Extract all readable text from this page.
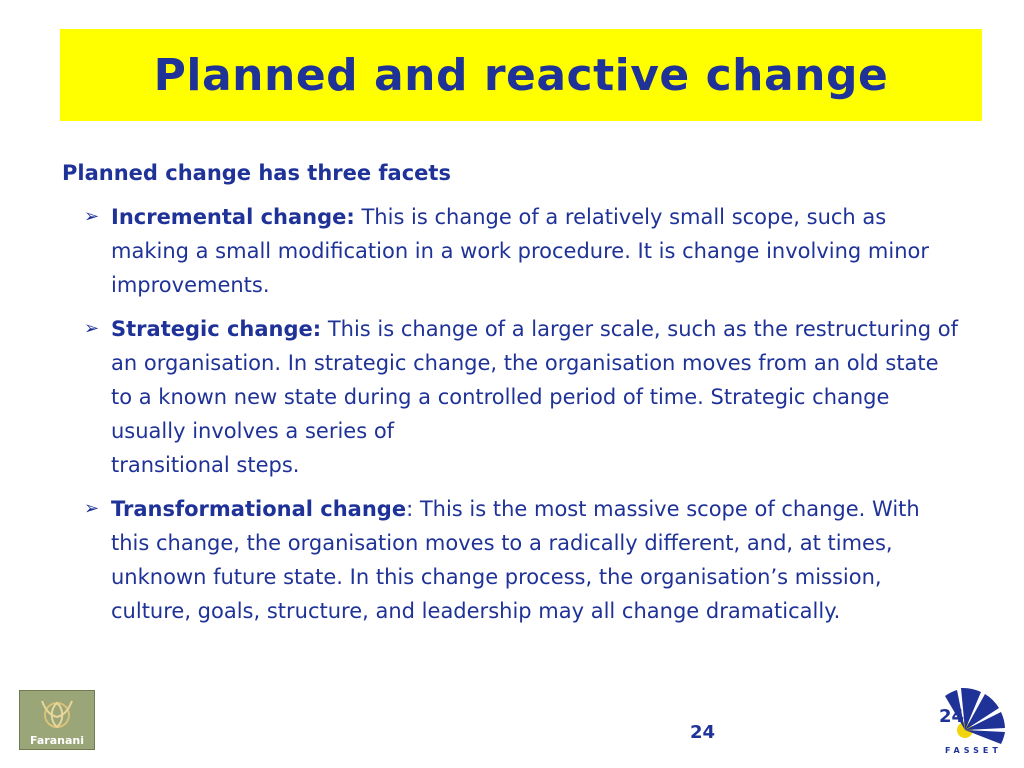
Planned and reactive change
Planned change has three facets
➢ Incremental change: This is change of a relatively small scope, such as making a small modification in a work procedure. It is change involving minor improvements.
➢ Strategic change: This is change of a larger scale, such as the restructuring of an organisation. In strategic change, the organisation moves from an old state to a known new state during a controlled period of time. Strategic change usually involves a series of
transitional steps.
➢ Transformational change: This is the most massive scope of change. With this change, the organisation moves to a radically different, and, at times, unknown future state. In this change process, the organisation’s mission, culture, goals, structure, and leadership may all change dramatically.
Faranani	24
24
FASSET
